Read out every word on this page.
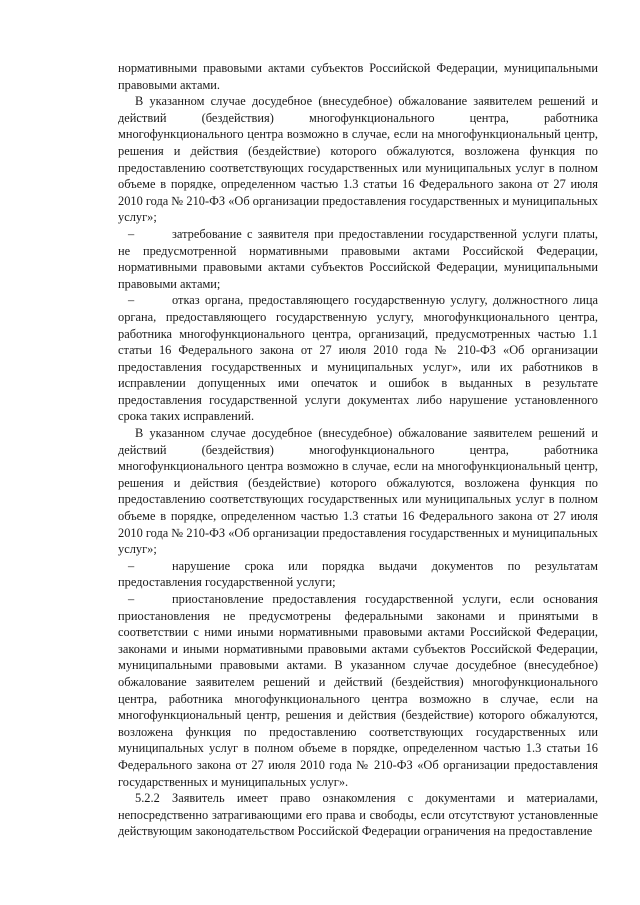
нормативными правовыми актами субъектов Российской Федерации, муниципальными правовыми актами.

В указанном случае досудебное (внесудебное) обжалование заявителем решений и действий (бездействия) многофункционального центра, работника многофункционального центра возможно в случае, если на многофункциональный центр, решения и действия (бездействие) которого обжалуются, возложена функция по предоставлению соответствующих государственных или муниципальных услуг в полном объеме в порядке, определенном частью 1.3 статьи 16 Федерального закона от 27 июля 2010 года № 210-ФЗ «Об организации предоставления государственных и муниципальных услуг»;

–	затребование с заявителя при предоставлении государственной услуги платы, не предусмотренной нормативными правовыми актами Российской Федерации, нормативными правовыми актами субъектов Российской Федерации, муниципальными правовыми актами;

–	отказ органа, предоставляющего государственную услугу, должностного лица органа, предоставляющего государственную услугу, многофункционального центра, работника многофункционального центра, организаций, предусмотренных частью 1.1 статьи 16 Федерального закона от 27 июля 2010 года № 210-ФЗ «Об организации предоставления государственных и муниципальных услуг», или их работников в исправлении допущенных ими опечаток и ошибок в выданных в результате предоставления государственной услуги документах либо нарушение установленного срока таких исправлений.

В указанном случае досудебное (внесудебное) обжалование заявителем решений и действий (бездействия) многофункционального центра, работника многофункционального центра возможно в случае, если на многофункциональный центр, решения и действия (бездействие) которого обжалуются, возложена функция по предоставлению соответствующих государственных или муниципальных услуг в полном объеме в порядке, определенном частью 1.3 статьи 16 Федерального закона от 27 июля 2010 года № 210-ФЗ «Об организации предоставления государственных и муниципальных услуг»;

–	нарушение срока или порядка выдачи документов по результатам предоставления государственной услуги;

–	приостановление предоставления государственной услуги, если основания приостановления не предусмотрены федеральными законами и принятыми в соответствии с ними иными нормативными правовыми актами Российской Федерации, законами и иными нормативными правовыми актами субъектов Российской Федерации, муниципальными правовыми актами. В указанном случае досудебное (внесудебное) обжалование заявителем решений и действий (бездействия) многофункционального центра, работника многофункционального центра возможно в случае, если на многофункциональный центр, решения и действия (бездействие) которого обжалуются, возложена функция по предоставлению соответствующих государственных или муниципальных услуг в полном объеме в порядке, определенном частью 1.3 статьи 16 Федерального закона от 27 июля 2010 года № 210-ФЗ «Об организации предоставления государственных и муниципальных услуг».

5.2.2 Заявитель имеет право ознакомления с документами и материалами, непосредственно затрагивающими его права и свободы, если отсутствуют установленные действующим законодательством Российской Федерации ограничения на предоставление
